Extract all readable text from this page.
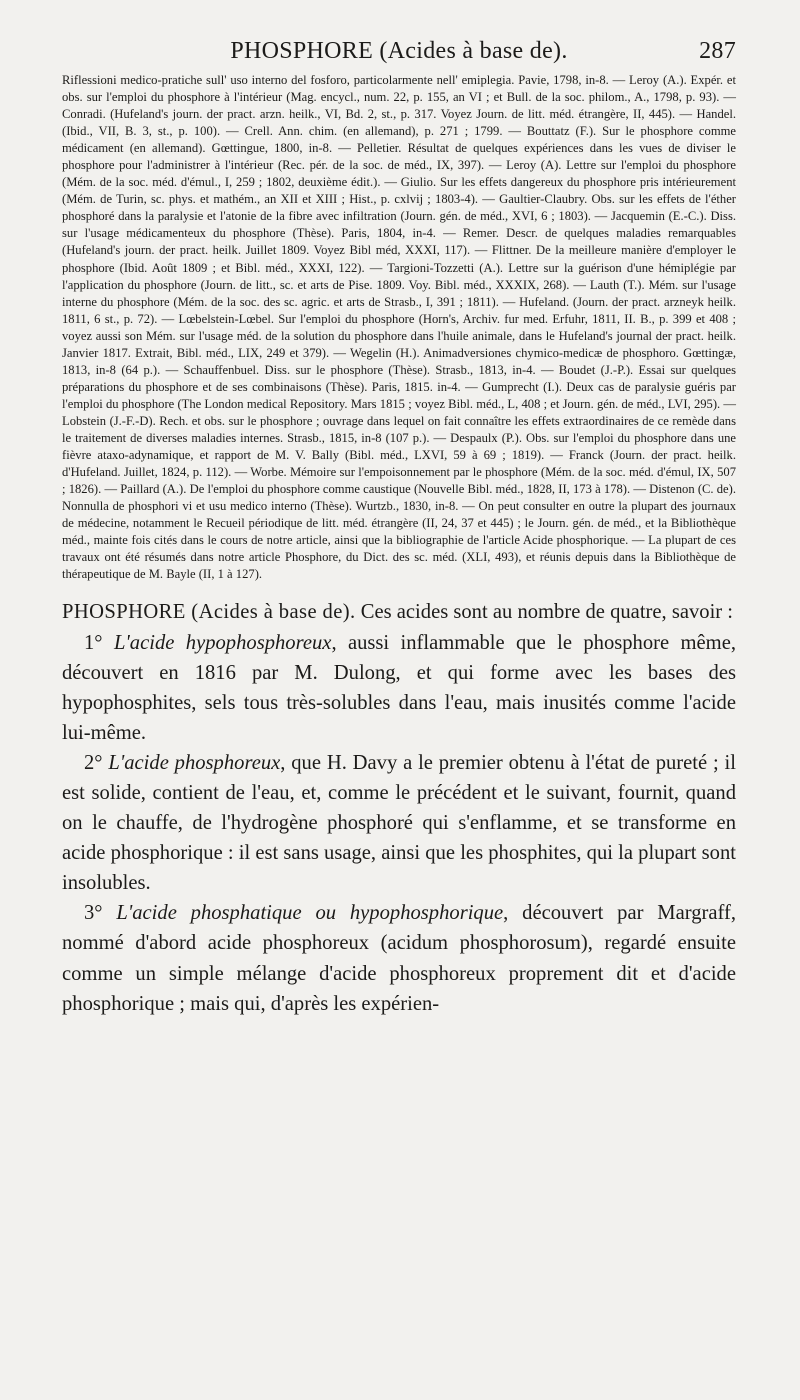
PHOSPHORE (Acides à base de).	287

Riflessioni medico-pratiche sull' uso interno del fosforo, particolarmente nell' emiplegia. Pavie, 1798, in-8. — Leroy (A.). Expér. et obs. sur l'emploi du phosphore à l'intérieur (Mag. encycl., num. 22, p. 155, an VI ; et Bull. de la soc. philom., A., 1798, p. 93). — Conradi. (Hufeland's journ. der pract. arzn. heilk., VI, Bd. 2, st., p. 317. Voyez Journ. de litt. méd. étrangère, II, 445). — Handel. (Ibid., VII, B. 3, st., p. 100). — Crell. Ann. chim. (en allemand), p. 271 ; 1799. — Bouttatz (F.). Sur le phosphore comme médicament (en allemand). Gœttingue, 1800, in-8. — Pelletier. Résultat de quelques expériences dans les vues de diviser le phosphore pour l'administrer à l'intérieur (Rec. pér. de la soc. de méd., IX, 397). — Leroy (A). Lettre sur l'emploi du phosphore (Mém. de la soc. méd. d'émul., I, 259 ; 1802, deuxième édit.). — Giulio. Sur les effets dangereux du phosphore pris intérieurement (Mém. de Turin, sc. phys. et mathém., an XII et XIII ; Hist., p. cxlvij ; 1803-4). — Gaultier-Claubry. Obs. sur les effets de l'éther phosphoré dans la paralysie et l'atonie de la fibre avec infiltration (Journ. gén. de méd., XVI, 6 ; 1803). — Jacquemin (E.-C.). Diss. sur l'usage médicamenteux du phosphore (Thèse). Paris, 1804, in-4. — Remer. Descr. de quelques maladies remarquables (Hufeland's journ. der pract. heilk. Juillet 1809. Voyez Bibl méd, XXXI, 117). — Flittner. De la meilleure manière d'employer le phosphore (Ibid. Août 1809 ; et Bibl. méd., XXXI, 122). — Targioni-Tozzetti (A.). Lettre sur la guérison d'une hémiplégie par l'application du phosphore (Journ. de litt., sc. et arts de Pise. 1809. Voy. Bibl. méd., XXXIX, 268). — Lauth (T.). Mém. sur l'usage interne du phosphore (Mém. de la soc. des sc. agric. et arts de Strasb., I, 391 ; 1811). — Hufeland. (Journ. der pract. arzneyk heilk. 1811, 6 st., p. 72). — Lœbelstein-Lœbel. Sur l'emploi du phosphore (Horn's, Archiv. fur med. Erfuhr, 1811, II. B., p. 399 et 408 ; voyez aussi son Mém. sur l'usage méd. de la solution du phosphore dans l'huile animale, dans le Hufeland's journal der pract. heilk. Janvier 1817. Extrait, Bibl. méd., LIX, 249 et 379). — Wegelin (H.). Animadversiones chymico-medicæ de phosphoro. Gœttingæ, 1813, in-8 (64 p.). — Schauffenbuel. Diss. sur le phosphore (Thèse). Strasb., 1813, in-4. — Boudet (J.-P.). Essai sur quelques préparations du phosphore et de ses combinaisons (Thèse). Paris, 1815. in-4. — Gumprecht (I.). Deux cas de paralysie guéris par l'emploi du phosphore (The London medical Repository. Mars 1815 ; voyez Bibl. méd., L, 408 ; et Journ. gén. de méd., LVI, 295). — Lobstein (J.-F.-D). Rech. et obs. sur le phosphore ; ouvrage dans lequel on fait connaître les effets extraordinaires de ce remède dans le traitement de diverses maladies internes. Strasb., 1815, in-8 (107 p.). — Despaulx (P.). Obs. sur l'emploi du phosphore dans une fièvre ataxo-adynamique, et rapport de M. V. Bally (Bibl. méd., LXVI, 59 à 69 ; 1819). — Franck (Journ. der pract. heilk. d'Hufeland. Juillet, 1824, p. 112). — Worbe. Mémoire sur l'empoisonnement par le phosphore (Mém. de la soc. méd. d'émul, IX, 507 ; 1826). — Paillard (A.). De l'emploi du phosphore comme caustique (Nouvelle Bibl. méd., 1828, II, 173 à 178). — Distenon (C. de). Nonnulla de phosphori vi et usu medico interno (Thèse). Wurtzb., 1830, in-8. — On peut consulter en outre la plupart des journaux de médecine, notamment le Recueil périodique de litt. méd. étrangère (II, 24, 37 et 445) ; le Journ. gén. de méd., et la Bibliothèque méd., mainte fois cités dans le cours de notre article, ainsi que la bibliographie de l'article Acide phosphorique. — La plupart de ces travaux ont été résumés dans notre article Phosphore, du Dict. des sc. méd. (XLI, 493), et réunis depuis dans la Bibliothèque de thérapeutique de M. Bayle (II, 1 à 127).

PHOSPHORE (Acides à base de). Ces acides sont au nombre de quatre, savoir :

1° L'acide hypophosphoreux, aussi inflammable que le phosphore même, découvert en 1816 par M. Dulong, et qui forme avec les bases des hypophosphites, sels tous très-solubles dans l'eau, mais inusités comme l'acide lui-même.

2° L'acide phosphoreux, que H. Davy a le premier obtenu à l'état de pureté ; il est solide, contient de l'eau, et, comme le précédent et le suivant, fournit, quand on le chauffe, de l'hydrogène phosphoré qui s'enflamme, et se transforme en acide phosphorique : il est sans usage, ainsi que les phosphites, qui la plupart sont insolubles.

3° L'acide phosphatique ou hypophosphorique, découvert par Margraff, nommé d'abord acide phosphoreux (acidum phosphorosum), regardé ensuite comme un simple mélange d'acide phosphoreux proprement dit et d'acide phosphorique ; mais qui, d'après les expérien-
